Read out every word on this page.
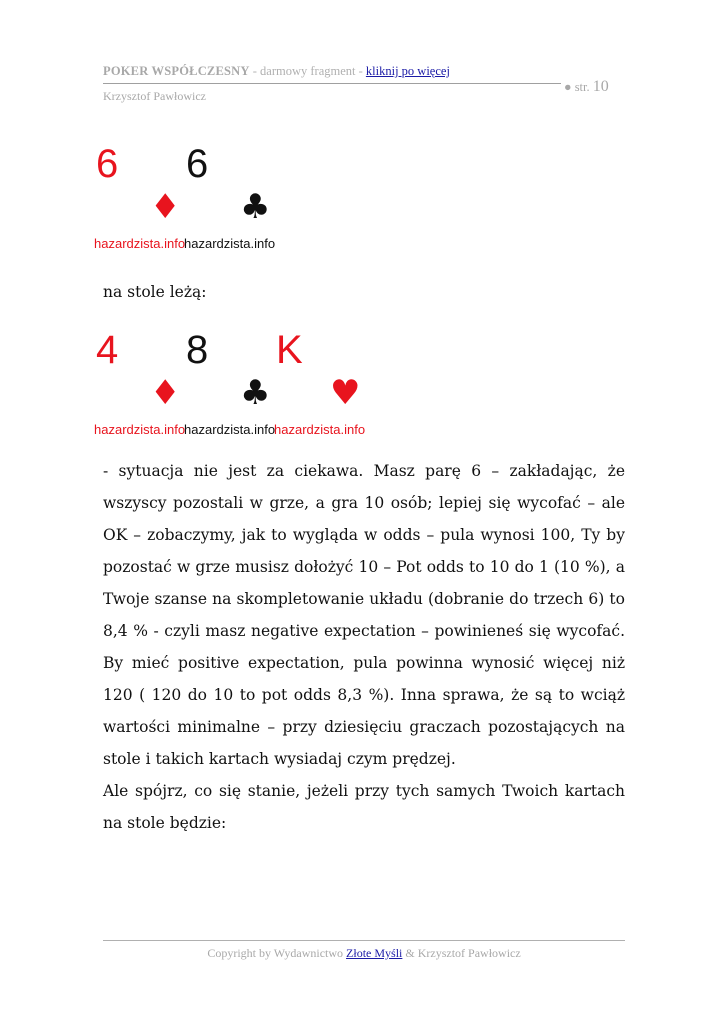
POKER WSPÓŁCZESNY - darmowy fragment - kliknij po więcej
Krzysztof Pawłowicz
● str. 10
6
♦
hazardzista.info
6
♣
hazardzista.info
na stole leżą:
4
♦
hazardzista.info
8
♣
hazardzista.info
K
♥
hazardzista.info
- sytuacja nie jest za ciekawa. Masz parę 6 – zakładając, że wszyscy pozostali w grze, a gra 10 osób; lepiej się wycofać – ale OK – zobaczymy, jak to wygląda w odds – pula wynosi 100, Ty by pozostać w grze musisz dołożyć 10 – Pot odds to 10 do 1 (10 %), a Twoje szanse na skompletowanie układu (dobranie do trzech 6) to 8,4 % - czyli masz negative expectation – powinieneś się wycofać. By mieć positive expectation, pula powinna wynosić więcej niż 120 ( 120 do 10 to pot odds 8,3 %). Inna sprawa, że są to wciąż wartości minimalne – przy dziesięciu graczach pozostających na stole i takich kartach wysiadaj czym prędzej.
Ale spójrz, co się stanie, jeżeli przy tych samych Twoich kartach na stole będzie:
Copyright by Wydawnictwo Złote Myśli & Krzysztof Pawłowicz
